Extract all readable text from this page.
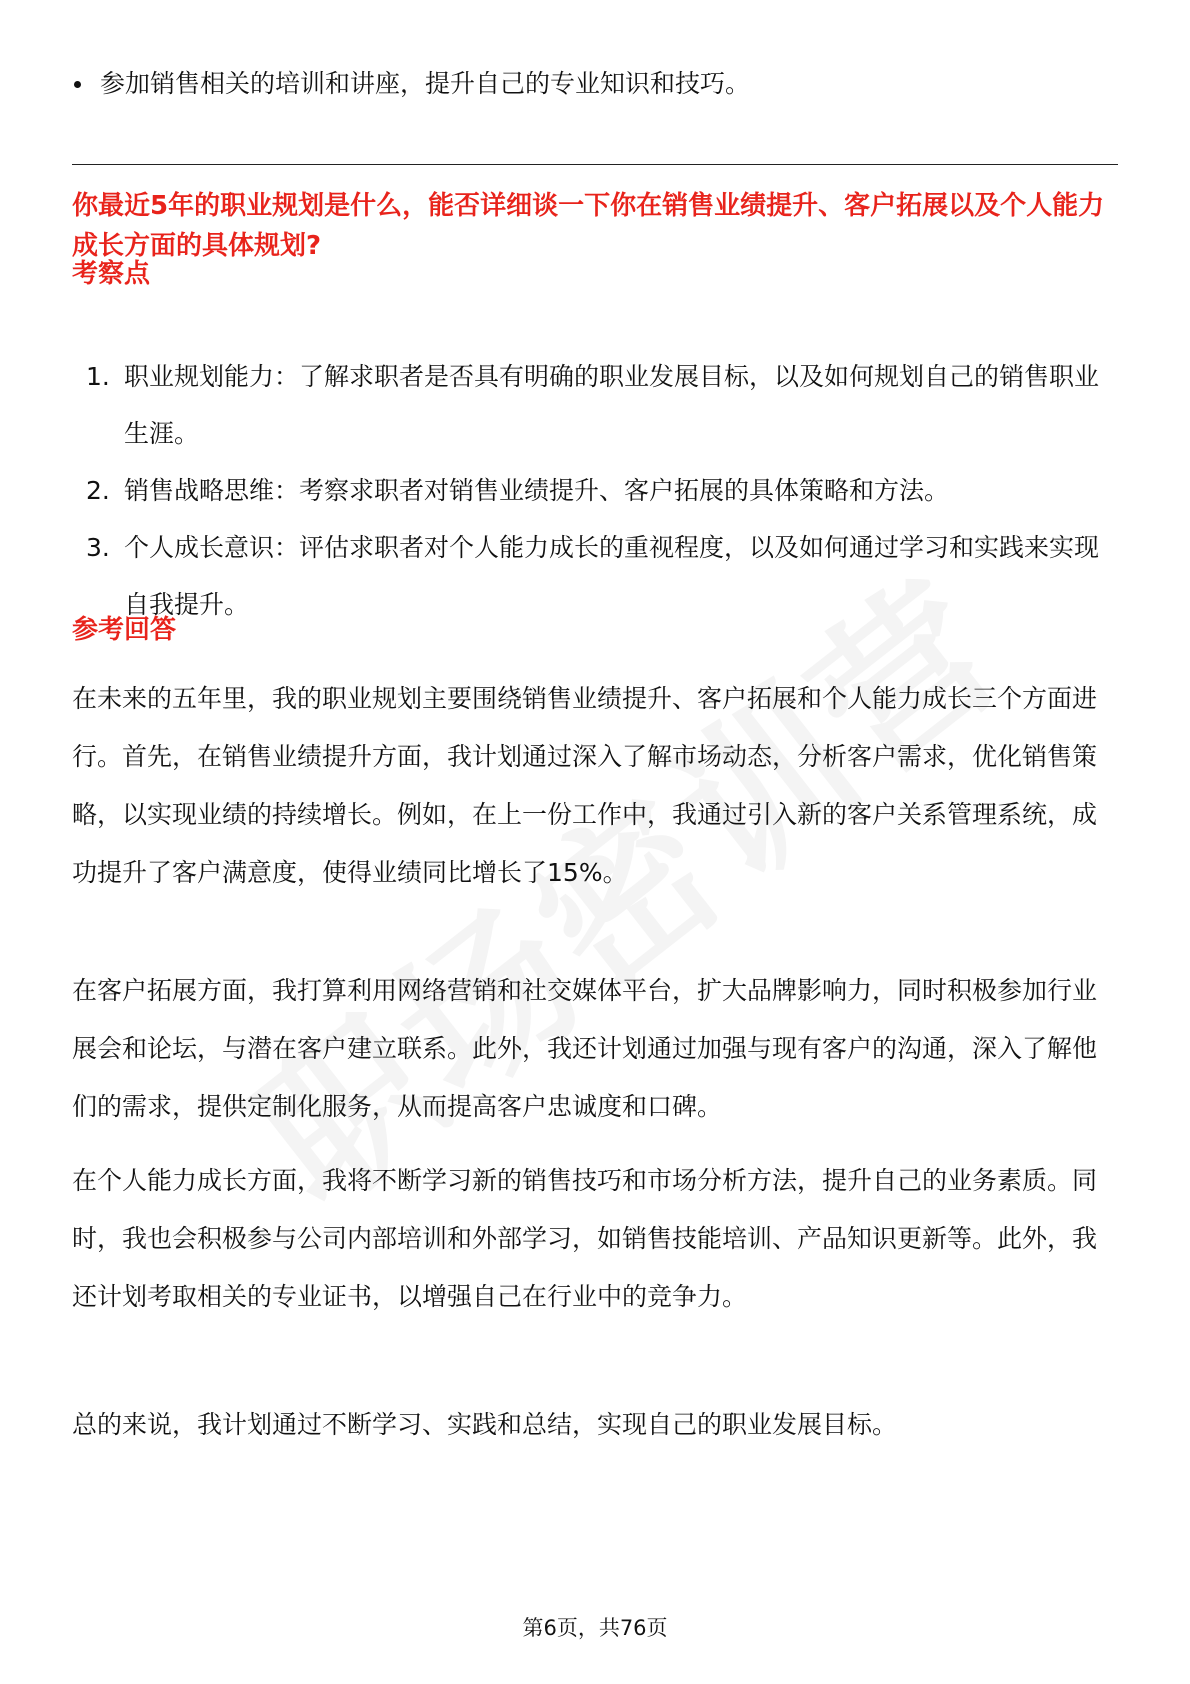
参加销售相关的培训和讲座，提升自己的专业知识和技巧。
你最近5年的职业规划是什么，能否详细谈一下你在销售业绩提升、客户拓展以及个人能力成长方面的具体规划?
考察点
1. 职业规划能力：了解求职者是否具有明确的职业发展目标，以及如何规划自己的销售职业生涯。
2. 销售战略思维：考察求职者对销售业绩提升、客户拓展的具体策略和方法。
3. 个人成长意识：评估求职者对个人能力成长的重视程度，以及如何通过学习和实践来实现自我提升。
参考回答
在未来的五年里，我的职业规划主要围绕销售业绩提升、客户拓展和个人能力成长三个方面进行。首先，在销售业绩提升方面，我计划通过深入了解市场动态，分析客户需求，优化销售策略，以实现业绩的持续增长。例如，在上一份工作中，我通过引入新的客户关系管理系统，成功提升了客户满意度，使得业绩同比增长了15%。
在客户拓展方面，我打算利用网络营销和社交媒体平台，扩大品牌影响力，同时积极参加行业展会和论坛，与潜在客户建立联系。此外，我还计划通过加强与现有客户的沟通，深入了解他们的需求，提供定制化服务，从而提高客户忠诚度和口碑。
在个人能力成长方面，我将不断学习新的销售技巧和市场分析方法，提升自己的业务素质。同时，我也会积极参与公司内部培训和外部学习，如销售技能培训、产品知识更新等。此外，我还计划考取相关的专业证书，以增强自己在行业中的竞争力。
总的来说，我计划通过不断学习、实践和总结，实现自己的职业发展目标。
第6页，共76页
